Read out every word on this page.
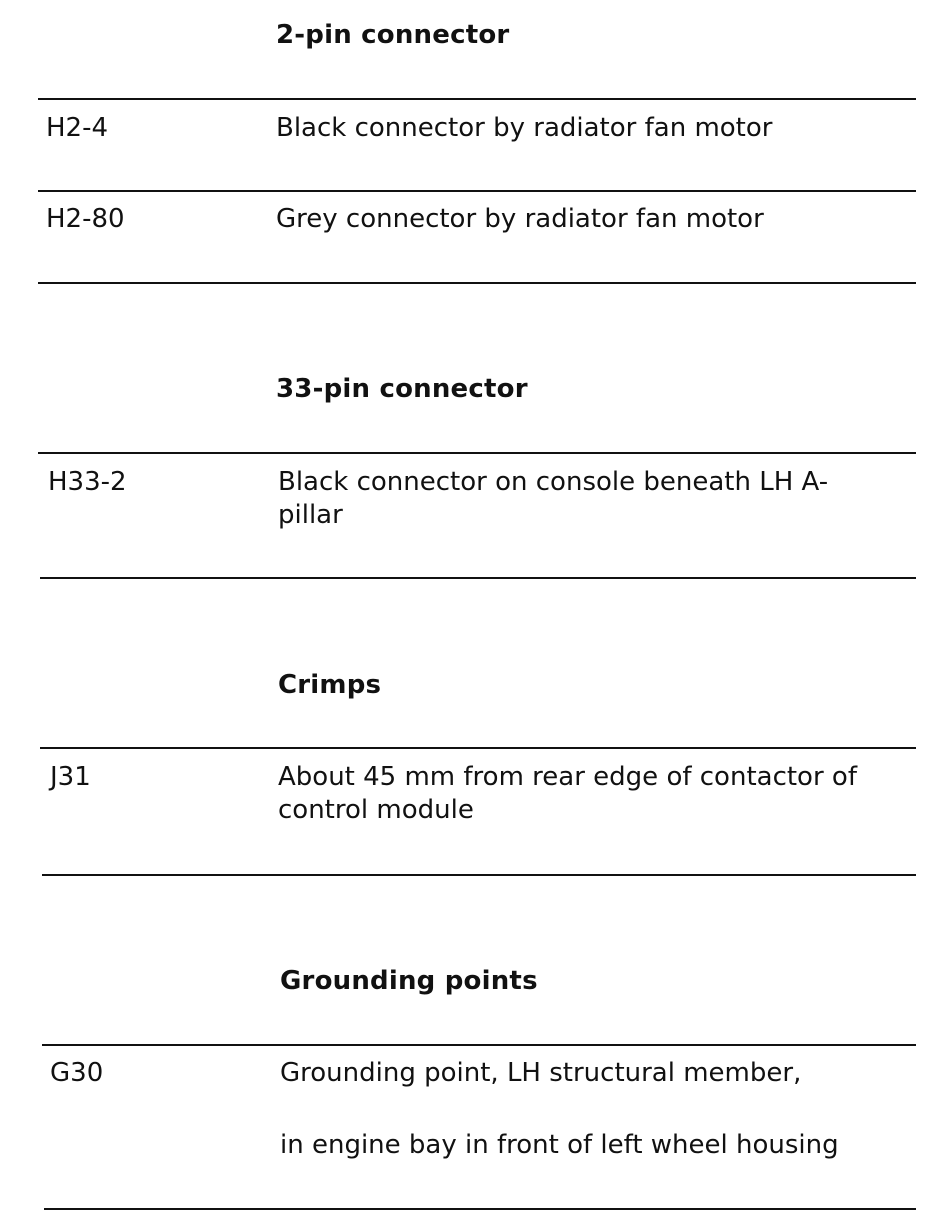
2-pin connector
H2-4	Black connector by radiator fan motor
H2-80	Grey connector by radiator fan motor
33-pin connector
H33-2	Black connector on console beneath LH A-
pillar
Crimps
J31	About 45 mm from rear edge of contactor of
control module
Grounding points
G30	Grounding point, LH structural member,
in engine bay in front of left wheel housing
